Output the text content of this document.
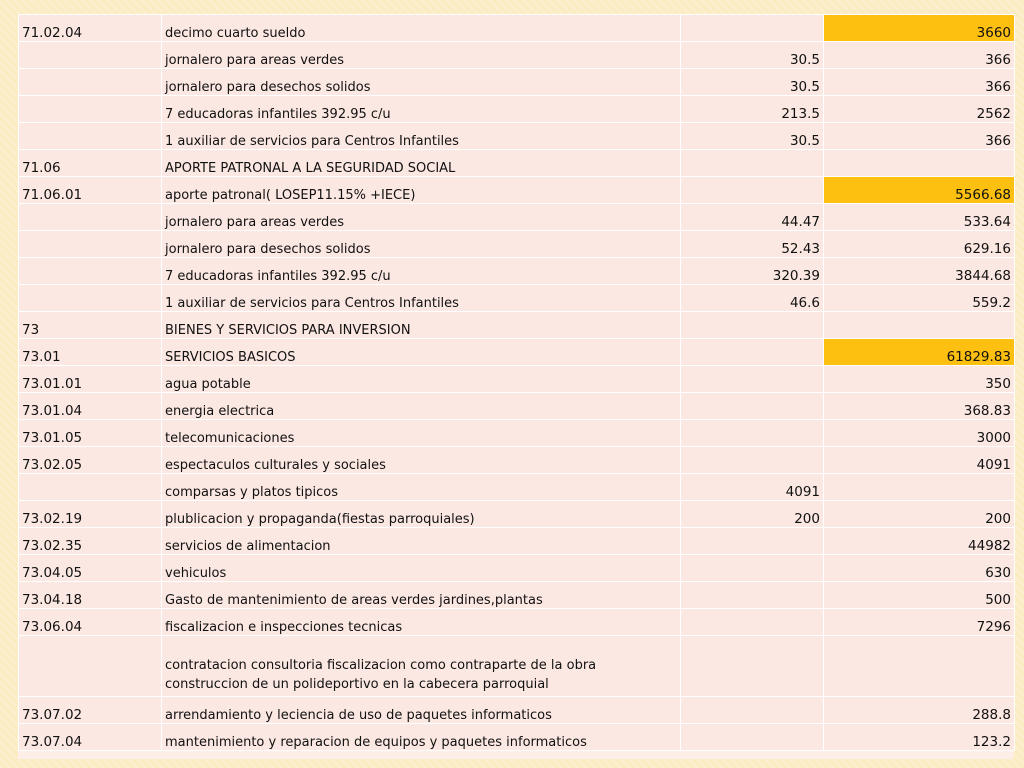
71.02.04	decimo cuarto sueldo		3660
	jornalero para areas verdes	30.5	366
	jornalero para desechos solidos	30.5	366
	7 educadoras infantiles 392.95 c/u	213.5	2562
	1 auxiliar de servicios para Centros Infantiles	30.5	366
71.06	APORTE PATRONAL A LA SEGURIDAD SOCIAL		
71.06.01	aporte patronal( LOSEP11.15% +IECE)		5566.68
	jornalero para areas verdes	44.47	533.64
	jornalero para desechos solidos	52.43	629.16
	7 educadoras infantiles 392.95 c/u	320.39	3844.68
	1 auxiliar de servicios para Centros Infantiles	46.6	559.2
73	BIENES Y SERVICIOS PARA INVERSION		
73.01	SERVICIOS BASICOS		61829.83
73.01.01	agua potable		350
73.01.04	energia electrica		368.83
73.01.05	telecomunicaciones		3000
73.02.05	espectaculos culturales y sociales		4091
	comparsas y platos tipicos	4091	
73.02.19	plublicacion y propaganda(fiestas parroquiales)	200	200
73.02.35	servicios de alimentacion		44982
73.04.05	vehiculos		630
73.04.18	Gasto de mantenimiento de areas verdes jardines,plantas		500
73.06.04	fiscalizacion e inspecciones tecnicas		7296
	contratacion consultoria fiscalizacion como contraparte de la obra construccion de un polideportivo en la cabecera parroquial		
73.07.02	arrendamiento y leciencia de uso de paquetes informaticos		288.8
73.07.04	mantenimiento y reparacion de equipos y paquetes informaticos		123.2
